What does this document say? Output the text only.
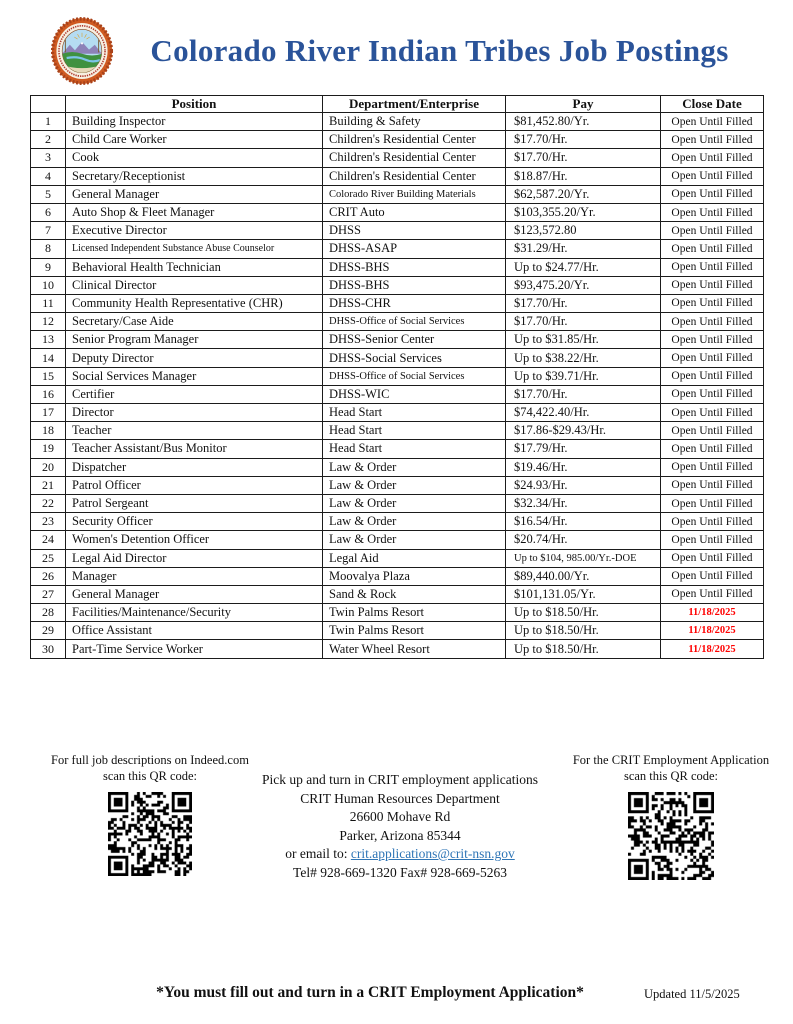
Colorado River Indian Tribes Job Postings
	Position	Department/Enterprise	Pay	Close Date
1	Building Inspector	Building & Safety	$81,452.80/Yr.	Open Until Filled
2	Child Care Worker	Children's Residential Center	$17.70/Hr.	Open Until Filled
3	Cook	Children's Residential Center	$17.70/Hr.	Open Until Filled
4	Secretary/Receptionist	Children's Residential Center	$18.87/Hr.	Open Until Filled
5	General Manager	Colorado River Building Materials	$62,587.20/Yr.	Open Until Filled
6	Auto Shop & Fleet Manager	CRIT Auto	$103,355.20/Yr.	Open Until Filled
7	Executive Director	DHSS	$123,572.80	Open Until Filled
8	Licensed Independent Substance Abuse Counselor	DHSS-ASAP	$31.29/Hr.	Open Until Filled
9	Behavioral Health Technician	DHSS-BHS	Up to $24.77/Hr.	Open Until Filled
10	Clinical Director	DHSS-BHS	$93,475.20/Yr.	Open Until Filled
11	Community Health Representative (CHR)	DHSS-CHR	$17.70/Hr.	Open Until Filled
12	Secretary/Case Aide	DHSS-Office of Social Services	$17.70/Hr.	Open Until Filled
13	Senior Program Manager	DHSS-Senior Center	Up to $31.85/Hr.	Open Until Filled
14	Deputy Director	DHSS-Social Services	Up to $38.22/Hr.	Open Until Filled
15	Social Services Manager	DHSS-Office of Social Services	Up to $39.71/Hr.	Open Until Filled
16	Certifier	DHSS-WIC	$17.70/Hr.	Open Until Filled
17	Director	Head Start	$74,422.40/Hr.	Open Until Filled
18	Teacher	Head Start	$17.86-$29.43/Hr.	Open Until Filled
19	Teacher Assistant/Bus Monitor	Head Start	$17.79/Hr.	Open Until Filled
20	Dispatcher	Law & Order	$19.46/Hr.	Open Until Filled
21	Patrol Officer	Law & Order	$24.93/Hr.	Open Until Filled
22	Patrol Sergeant	Law & Order	$32.34/Hr.	Open Until Filled
23	Security Officer	Law & Order	$16.54/Hr.	Open Until Filled
24	Women's Detention Officer	Law & Order	$20.74/Hr.	Open Until Filled
25	Legal Aid Director	Legal Aid	Up to $104, 985.00/Yr.-DOE	Open Until Filled
26	Manager	Moovalya Plaza	$89,440.00/Yr.	Open Until Filled
27	General Manager	Sand & Rock	$101,131.05/Yr.	Open Until Filled
28	Facilities/Maintenance/Security	Twin Palms Resort	Up to $18.50/Hr.	11/18/2025
29	Office Assistant	Twin Palms Resort	Up to $18.50/Hr.	11/18/2025
30	Part-Time Service Worker	Water Wheel Resort	Up to $18.50/Hr.	11/18/2025
For full job descriptions on Indeed.com
scan this QR code:	Pick up and turn in CRIT employment applications
CRIT Human Resources Department
26600 Mohave Rd
Parker, Arizona 85344
or email to: crit.applications@crit-nsn.gov
Tel# 928-669-1320 Fax# 928-669-5263
For the CRIT Employment Application
scan this QR code:
*You must fill out and turn in a CRIT Employment Application*	Updated 11/5/2025
